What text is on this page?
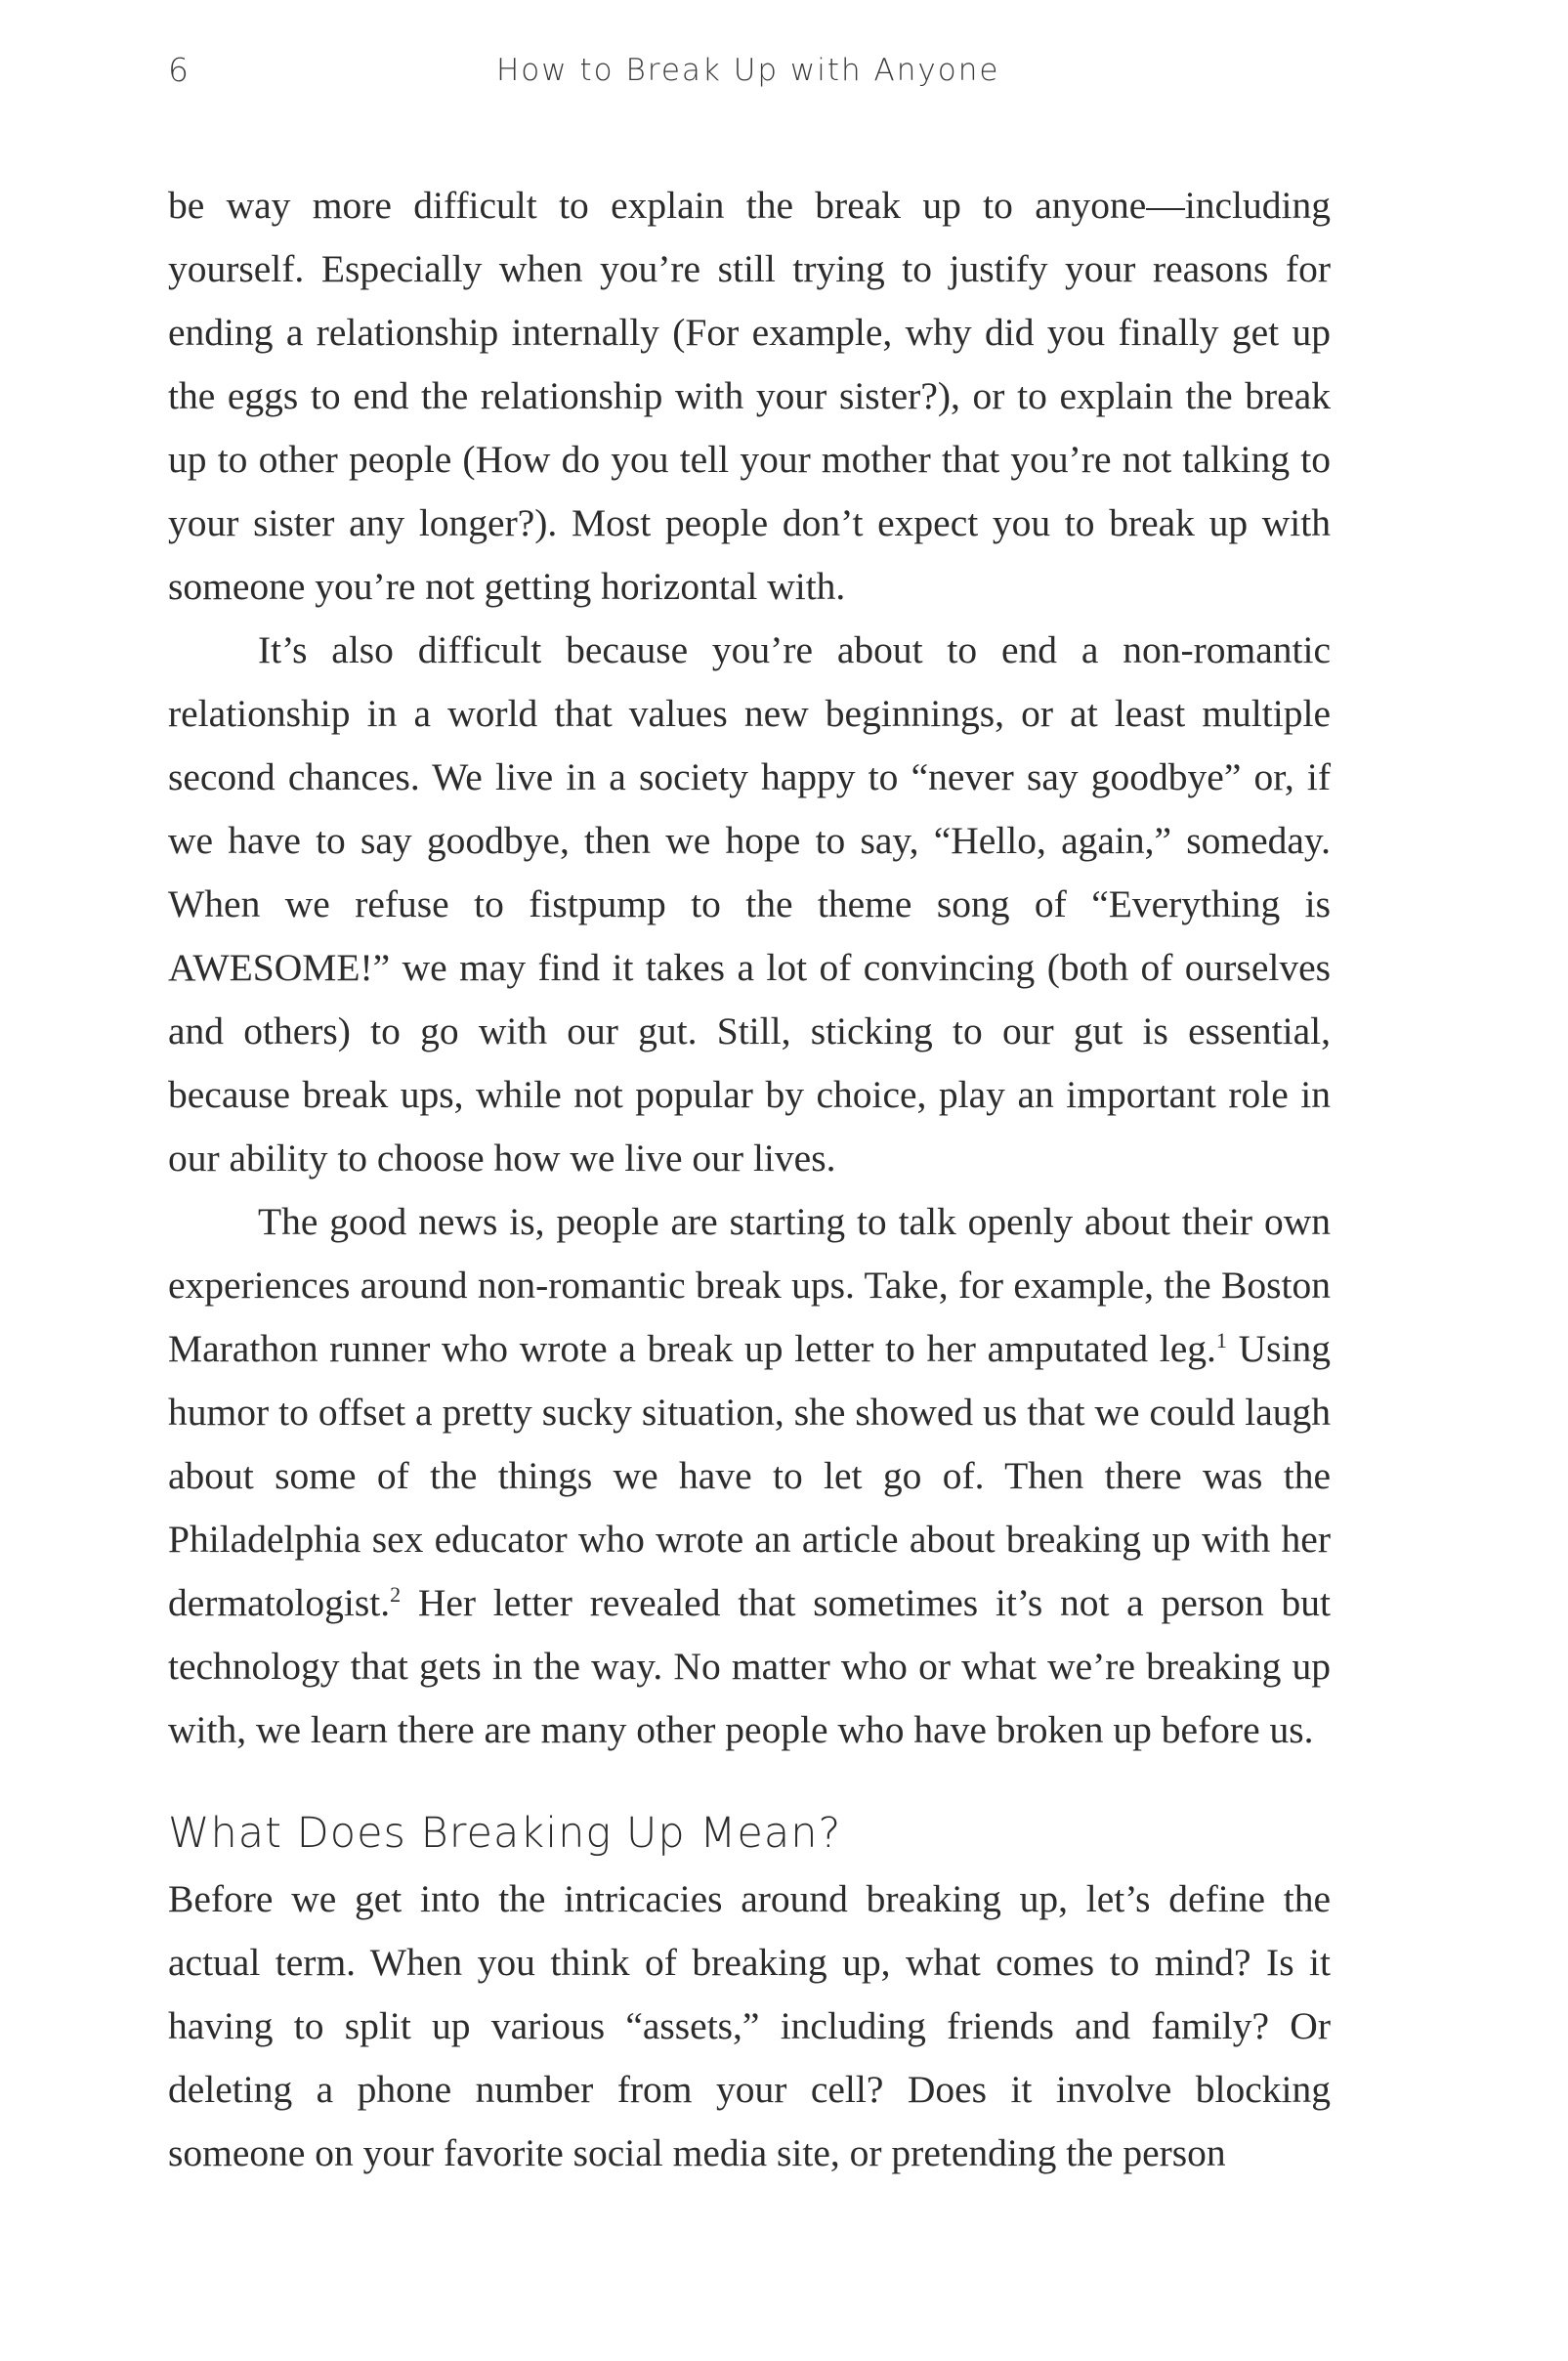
6	How to Break Up with Anyone

be way more difficult to explain the break up to anyone—including yourself. Especially when you’re still trying to justify your reasons for ending a relationship internally (For example, why did you finally get up the eggs to end the relationship with your sister?), or to explain the break up to other people (How do you tell your mother that you’re not talking to your sister any longer?). Most people don’t expect you to break up with someone you’re not getting horizontal with.

It’s also difficult because you’re about to end a non-romantic relationship in a world that values new beginnings, or at least multiple second chances. We live in a society happy to “never say goodbye” or, if we have to say goodbye, then we hope to say, “Hello, again,” someday. When we refuse to fistpump to the theme song of “Everything is AWESOME!” we may find it takes a lot of convincing (both of ourselves and others) to go with our gut. Still, sticking to our gut is essential, because break ups, while not popular by choice, play an important role in our ability to choose how we live our lives.

The good news is, people are starting to talk openly about their own experiences around non-romantic break ups. Take, for example, the Boston Marathon runner who wrote a break up letter to her amputated leg.$^1$ Using humor to offset a pretty sucky situation, she showed us that we could laugh about some of the things we have to let go of. Then there was the Philadelphia sex educator who wrote an article about breaking up with her dermatologist.$^2$ Her letter revealed that sometimes it’s not a person but technology that gets in the way. No matter who or what we’re breaking up with, we learn there are many other people who have broken up before us.

What Does Breaking Up Mean?

Before we get into the intricacies around breaking up, let’s define the actual term. When you think of breaking up, what comes to mind? Is it having to split up various “assets,” including friends and family? Or deleting a phone number from your cell? Does it involve blocking someone on your favorite social media site, or pretending the person
